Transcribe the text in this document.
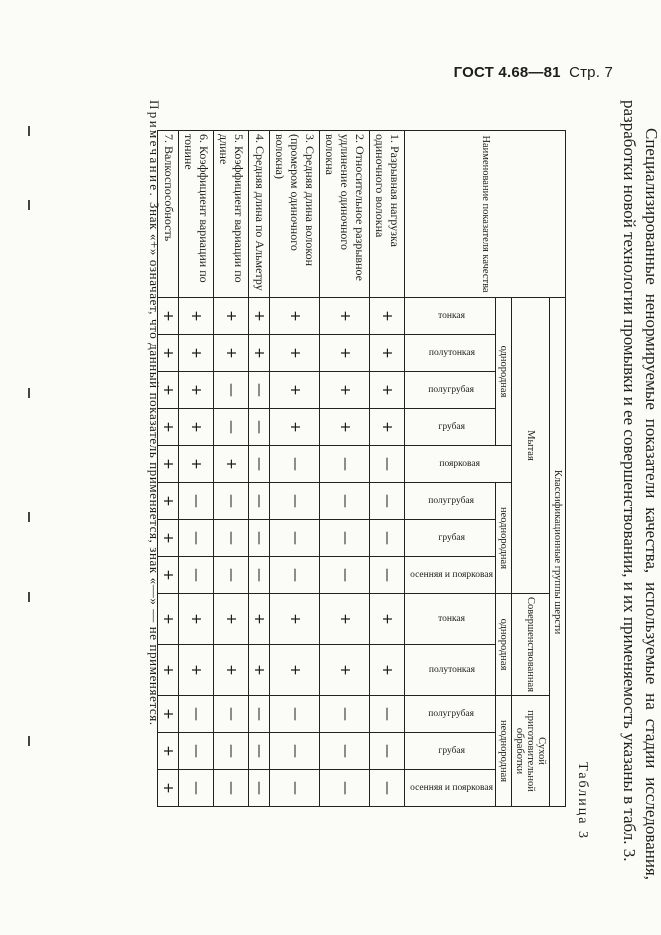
ГОСТ 4.68—81 Стр. 7

Специализированные ненормируемые показатели качества, используемые на стадии исследования, разработки новой технологии промывки и ее совершенствовании, и их применяемость указаны в табл. 3.

Таблица 3
Наименование показателя качества	Классификационные группы шерсти												
	Мытая								Совершенствованная		Сухой приготовительной обработки		
	однородная				поярковая	неоднородная			однородная		неоднородная		
	тонкая	полутонкая	полугрубая	грубая		полугрубая	грубая	осенняя и поярковая	тонкая	полутонкая	полугрубая	грубая	осенняя и поярковая
1. Разрывная нагрузка одиночного волокна	+	+	+	+	—	—	—	—	+	+	—	—	—
2. Относительное разрывное удлинение одиночного волокна	+	+	+	+	—	—	—	—	+	+	—	—	—
3. Средняя длина волокон (промером одиночного волокна)	+	+	+	+	—	—	—	—	+	+	—	—	—
4. Средняя длина по Альметру	+	+	—	—	—	—	—	—	+	+	—	—	—
5. Коэффициент вариации по длине	+	+	—	—	+	—	—	—	+	+	—	—	—
6. Коэффициент вариации по тонине	+	+	+	+	+	—	—	—	+	+	—	—	—
7. Валкоспособность	+	+	+	+	+	+	+	+	+	+	+	+	+
Примечание. Знак «+» означает, что данный показатель применяется, знак «—» — не применяется.
